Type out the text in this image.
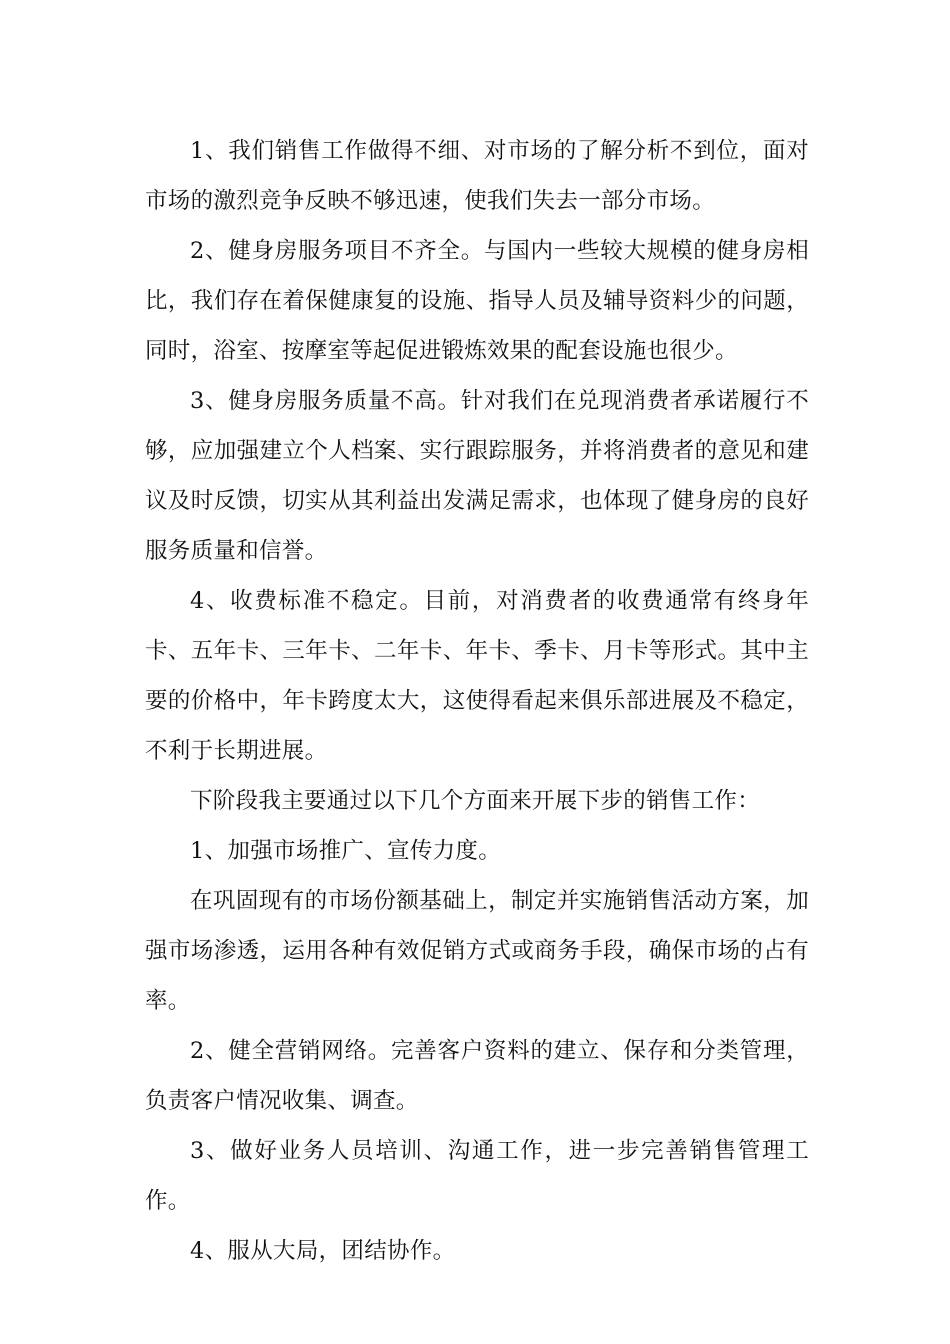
1、我们销售工作做得不细、对市场的了解分析不到位，面对市场的激烈竞争反映不够迅速，使我们失去一部分市场。

2、健身房服务项目不齐全。与国内一些较大规模的健身房相比，我们存在着保健康复的设施、指导人员及辅导资料少的问题，同时，浴室、按摩室等起促进锻炼效果的配套设施也很少。

3、健身房服务质量不高。针对我们在兑现消费者承诺履行不够，应加强建立个人档案、实行跟踪服务，并将消费者的意见和建议及时反馈，切实从其利益出发满足需求，也体现了健身房的良好服务质量和信誉。

4、收费标准不稳定。目前，对消费者的收费通常有终身年卡、五年卡、三年卡、二年卡、年卡、季卡、月卡等形式。其中主要的价格中，年卡跨度太大，这使得看起来俱乐部进展及不稳定，不利于长期进展。

下阶段我主要通过以下几个方面来开展下步的销售工作：

1、加强市场推广、宣传力度。

在巩固现有的市场份额基础上，制定并实施销售活动方案，加强市场渗透，运用各种有效促销方式或商务手段，确保市场的占有率。

2、健全营销网络。完善客户资料的建立、保存和分类管理，负责客户情况收集、调查。

3、做好业务人员培训、沟通工作，进一步完善销售管理工作。

4、服从大局，团结协作。
